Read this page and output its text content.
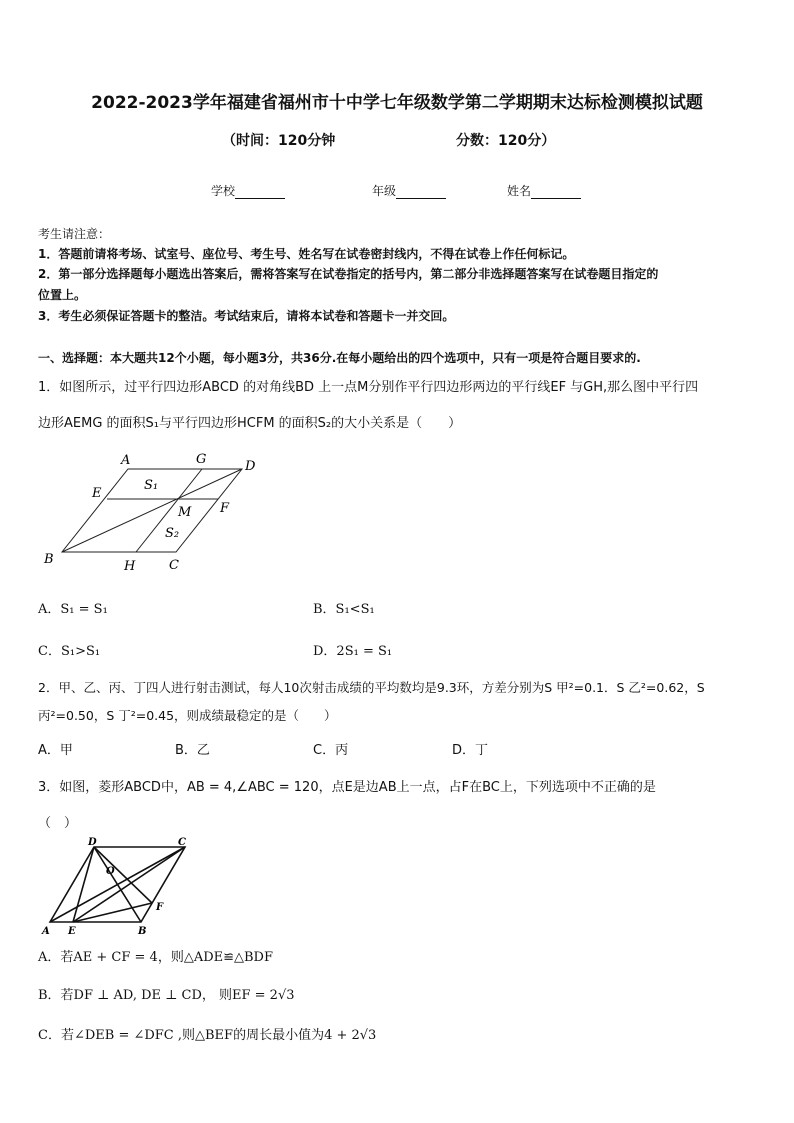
2022-2023学年福建省福州市十中学七年级数学第二学期期末达标检测模拟试题
（时间：120分钟	分数：120分）
学校	年级	姓名
考生请注意：
1．答题前请将考场、试室号、座位号、考生号、姓名写在试卷密封线内，不得在试卷上作任何标记。
2．第一部分选择题每小题选出答案后，需将答案写在试卷指定的括号内，第二部分非选择题答案写在试卷题目指定的
位置上。
3．考生必须保证答题卡的整洁。考试结束后，请将本试卷和答题卡一并交回。
一、选择题：本大题共12个小题，每小题3分，共36分.在每小题给出的四个选项中，只有一项是符合题目要求的.
1．如图所示，过平行四边形ABCD 的对角线BD 上一点M分别作平行四边形两边的平行线EF 与GH,那么图中平行四
边形AEMG 的面积S₁与平行四边形HCFM 的面积S₂的大小关系是（　　）
A	G	D
E
S₁
M F
S₂
B	H	C
A．S₁ = S₁	B．S₁<S₁
C．S₁>S₁	D．2S₁ = S₁
2．甲、乙、丙、丁四人进行射击测试，每人10次射击成绩的平均数均是9.3环，方差分别为S 甲²=0.1．S 乙²=0.62，S
丙²=0.50，S 丁²=0.45，则成绩最稳定的是（　　）
A．甲	B．乙	C．丙	D．丁
3．如图，菱形ABCD中，AB = 4,∠ABC = 120，点E是边AB上一点，占F在BC上，下列选项中不正确的是
（　）
D	C
O
F
A E	B
A．若AE + CF = 4，则△ADE≌△BDF
B．若DF ⊥ AD, DE ⊥ CD， 则EF = 2√3
C．若∠DEB = ∠DFC ,则△BEF的周长最小值为4 + 2√3
